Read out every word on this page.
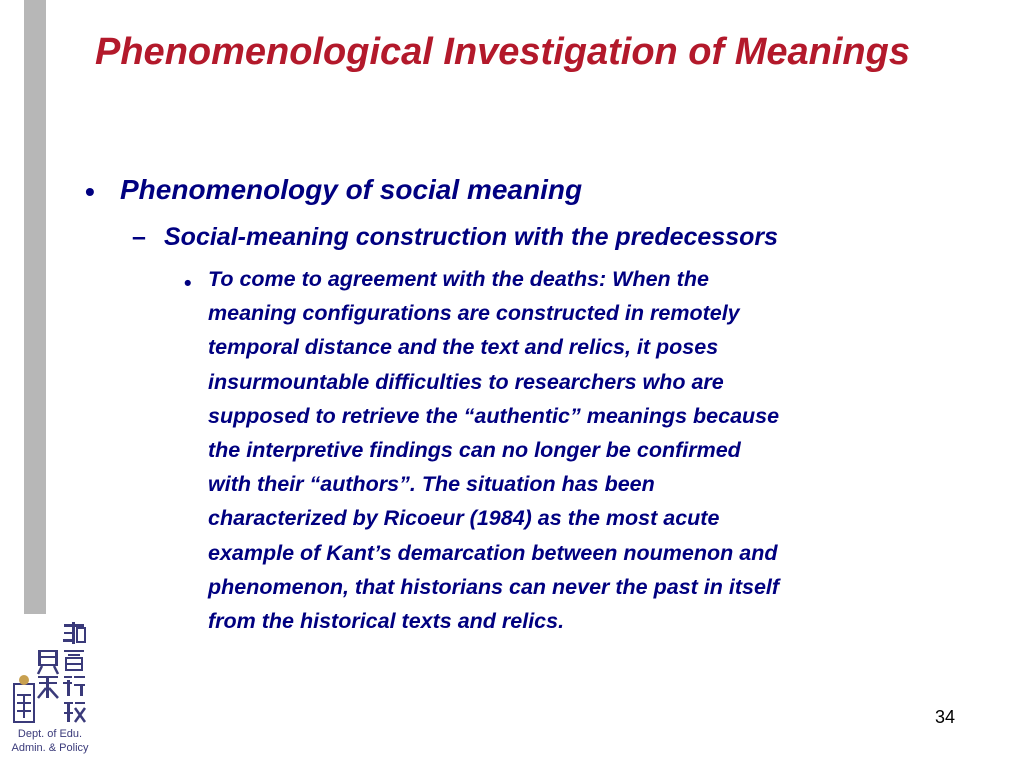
Phenomenological Investigation of Meanings
• Phenomenology of social meaning
– Social-meaning construction with the predecessors
• To come to agreement with the deaths: When the
meaning configurations are constructed in remotely
temporal distance and the text and relics, it poses
insurmountable difficulties to researchers who are
supposed to retrieve the “authentic” meanings because
the interpretive findings can no longer be confirmed
with their “authors”. The situation has been
characterized by Ricoeur (1984) as the most acute
example of Kant’s demarcation between noumenon and
phenomenon, that historians can never the past in itself
from the historical texts and relics.

Dept. of Edu.
Admin. & Policy
34
